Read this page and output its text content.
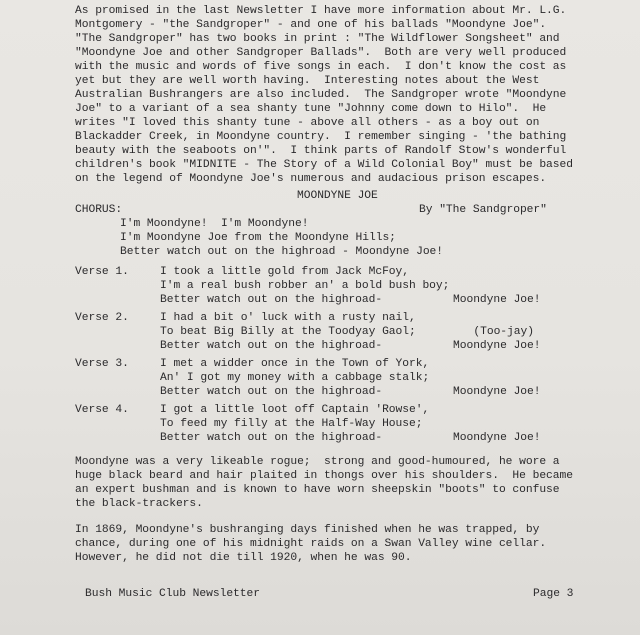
As promised in the last Newsletter I have more information about Mr. L.G.
Montgomery - "the Sandgroper" - and one of his ballads "Moondyne Joe".
"The Sandgroper" has two books in print : "The Wildflower Songsheet" and
"Moondyne Joe and other Sandgroper Ballads".  Both are very well produced
with the music and words of five songs in each.  I don't know the cost as
yet but they are well worth having.  Interesting notes about the West
Australian Bushrangers are also included.  The Sandgroper wrote "Moondyne
Joe" to a variant of a sea shanty tune "Johnny come down to Hilo".  He
writes "I loved this shanty tune - above all others - as a boy out on
Blackadder Creek, in Moondyne country.  I remember singing - 'the bathing
beauty with the seaboots on'".  I think parts of Randolf Stow's wonderful
children's book "MIDNITE - The Story of a Wild Colonial Boy" must be based
on the legend of Moondyne Joe's numerous and audacious prison escapes.
MOONDYNE JOE
CHORUS:	By "The Sandgroper"
I'm Moondyne!  I'm Moondyne!
I'm Moondyne Joe from the Moondyne Hills;
Better watch out on the highroad - Moondyne Joe!
Verse 1.	I took a little gold from Jack McFoy,
I'm a real bush robber an' a bold bush boy;
Better watch out on the highroad-	Moondyne Joe!
Verse 2.	I had a bit o' luck with a rusty nail,
To beat Big Billy at the Toodyay Gaol; (Too-jay)
Better watch out on the highroad-	Moondyne Joe!
Verse 3.	I met a widder once in the Town of York,
An' I got my money with a cabbage stalk;
Better watch out on the highroad-	Moondyne Joe!
Verse 4.	I got a little loot off Captain 'Rowse',
To feed my filly at the Half-Way House;
Better watch out on the highroad-	Moondyne Joe!
Moondyne was a very likeable rogue;  strong and good-humoured, he wore a
huge black beard and hair plaited in thongs over his shoulders.  He became
an expert bushman and is known to have worn sheepskin "boots" to confuse
the black-trackers.
In 1869, Moondyne's bushranging days finished when he was trapped, by
chance, during one of his midnight raids on a Swan Valley wine cellar.
However, he did not die till 1920, when he was 90.
Bush Music Club Newsletter	Page 3
